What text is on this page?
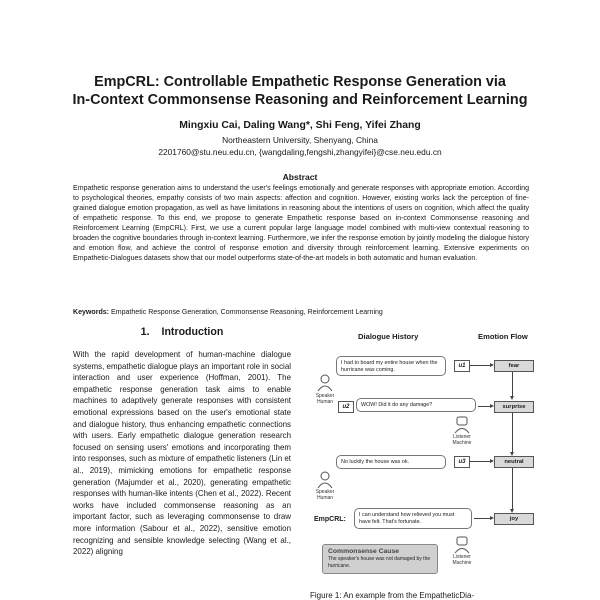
EmpCRL: Controllable Empathetic Response Generation via
In-Context Commonsense Reasoning and Reinforcement Learning
Mingxiu Cai, Daling Wang*, Shi Feng, Yifei Zhang
Northeastern University, Shenyang, China
2201760@stu.neu.edu.cn, {wangdaling,fengshi,zhangyifei}@cse.neu.edu.cn
Abstract

Empathetic response generation aims to understand the user's feelings emotionally and generate responses with appropriate emotion. According to psychological theories, empathy consists of two main aspects: affection and cognition. However, existing works lack the perception of fine-grained dialogue emotion propagation, as well as have limitations in reasoning about the intentions of users on cognition, which affect the quality of empathetic response. To this end, we propose to generate Empathetic response based on in-context Commonsense reasoning and Reinforcement Learning (EmpCRL). First, we use a current popular large language model combined with multi-view contextual reasoning to broaden the cognitive boundaries through in-context learning. Furthermore, we infer the response emotion by jointly modeling the dialogue history and emotion flow, and achieve the control of response emotion and diversity through reinforcement learning. Extensive experiments on Empathetic-Dialogues datasets show that our model outperforms state-of-the-art models in both automatic and human evaluation.

Keywords: Empathetic Response Generation, Commonsense Reasoning, Reinforcement Learning

1. Introduction

With the rapid development of human-machine dialogue systems, empathetic dialogue plays an important role in social interaction and user experience (Hoffman, 2001). The empathetic response generation task aims to enable machines to adaptively generate responses with consistent emotional expressions based on the user's emotional state and dialogue history, thus enhancing empathetic connections with users. Early empathetic dialogue generation research focused on sensing users' emotions and incorporating them into responses, such as mixture of empathetic listeners (Lin et al., 2019), mimicking emotions for empathetic response generation (Majumder et al., 2020), generating empathetic responses with human-like intents (Chen et al., 2022). Recent works have included commonsense reasoning as an important factor, such as leveraging commonsense to draw more information (Sabour et al., 2022), sensitive emotion recognizing and sensible knowledge selecting (Wang et al., 2022) aligning

Dialogue History	Emotion Flow
I had to board my entire house when the hurricane was coming.
u1	fear
Speaker
Human
u2	WOW! Did it do any damage?	surprise
Listener
Machine
No luckily the house was ok.	u3	neutral
Speaker
Human
EmpCRL:
I can understand how relieved you must have felt. That's fortunate.	joy
Commonsense Cause
The speaker's house was not damaged by the hurricane.
Listener
Machine
Figure 1: An example from the EmpatheticDia-
